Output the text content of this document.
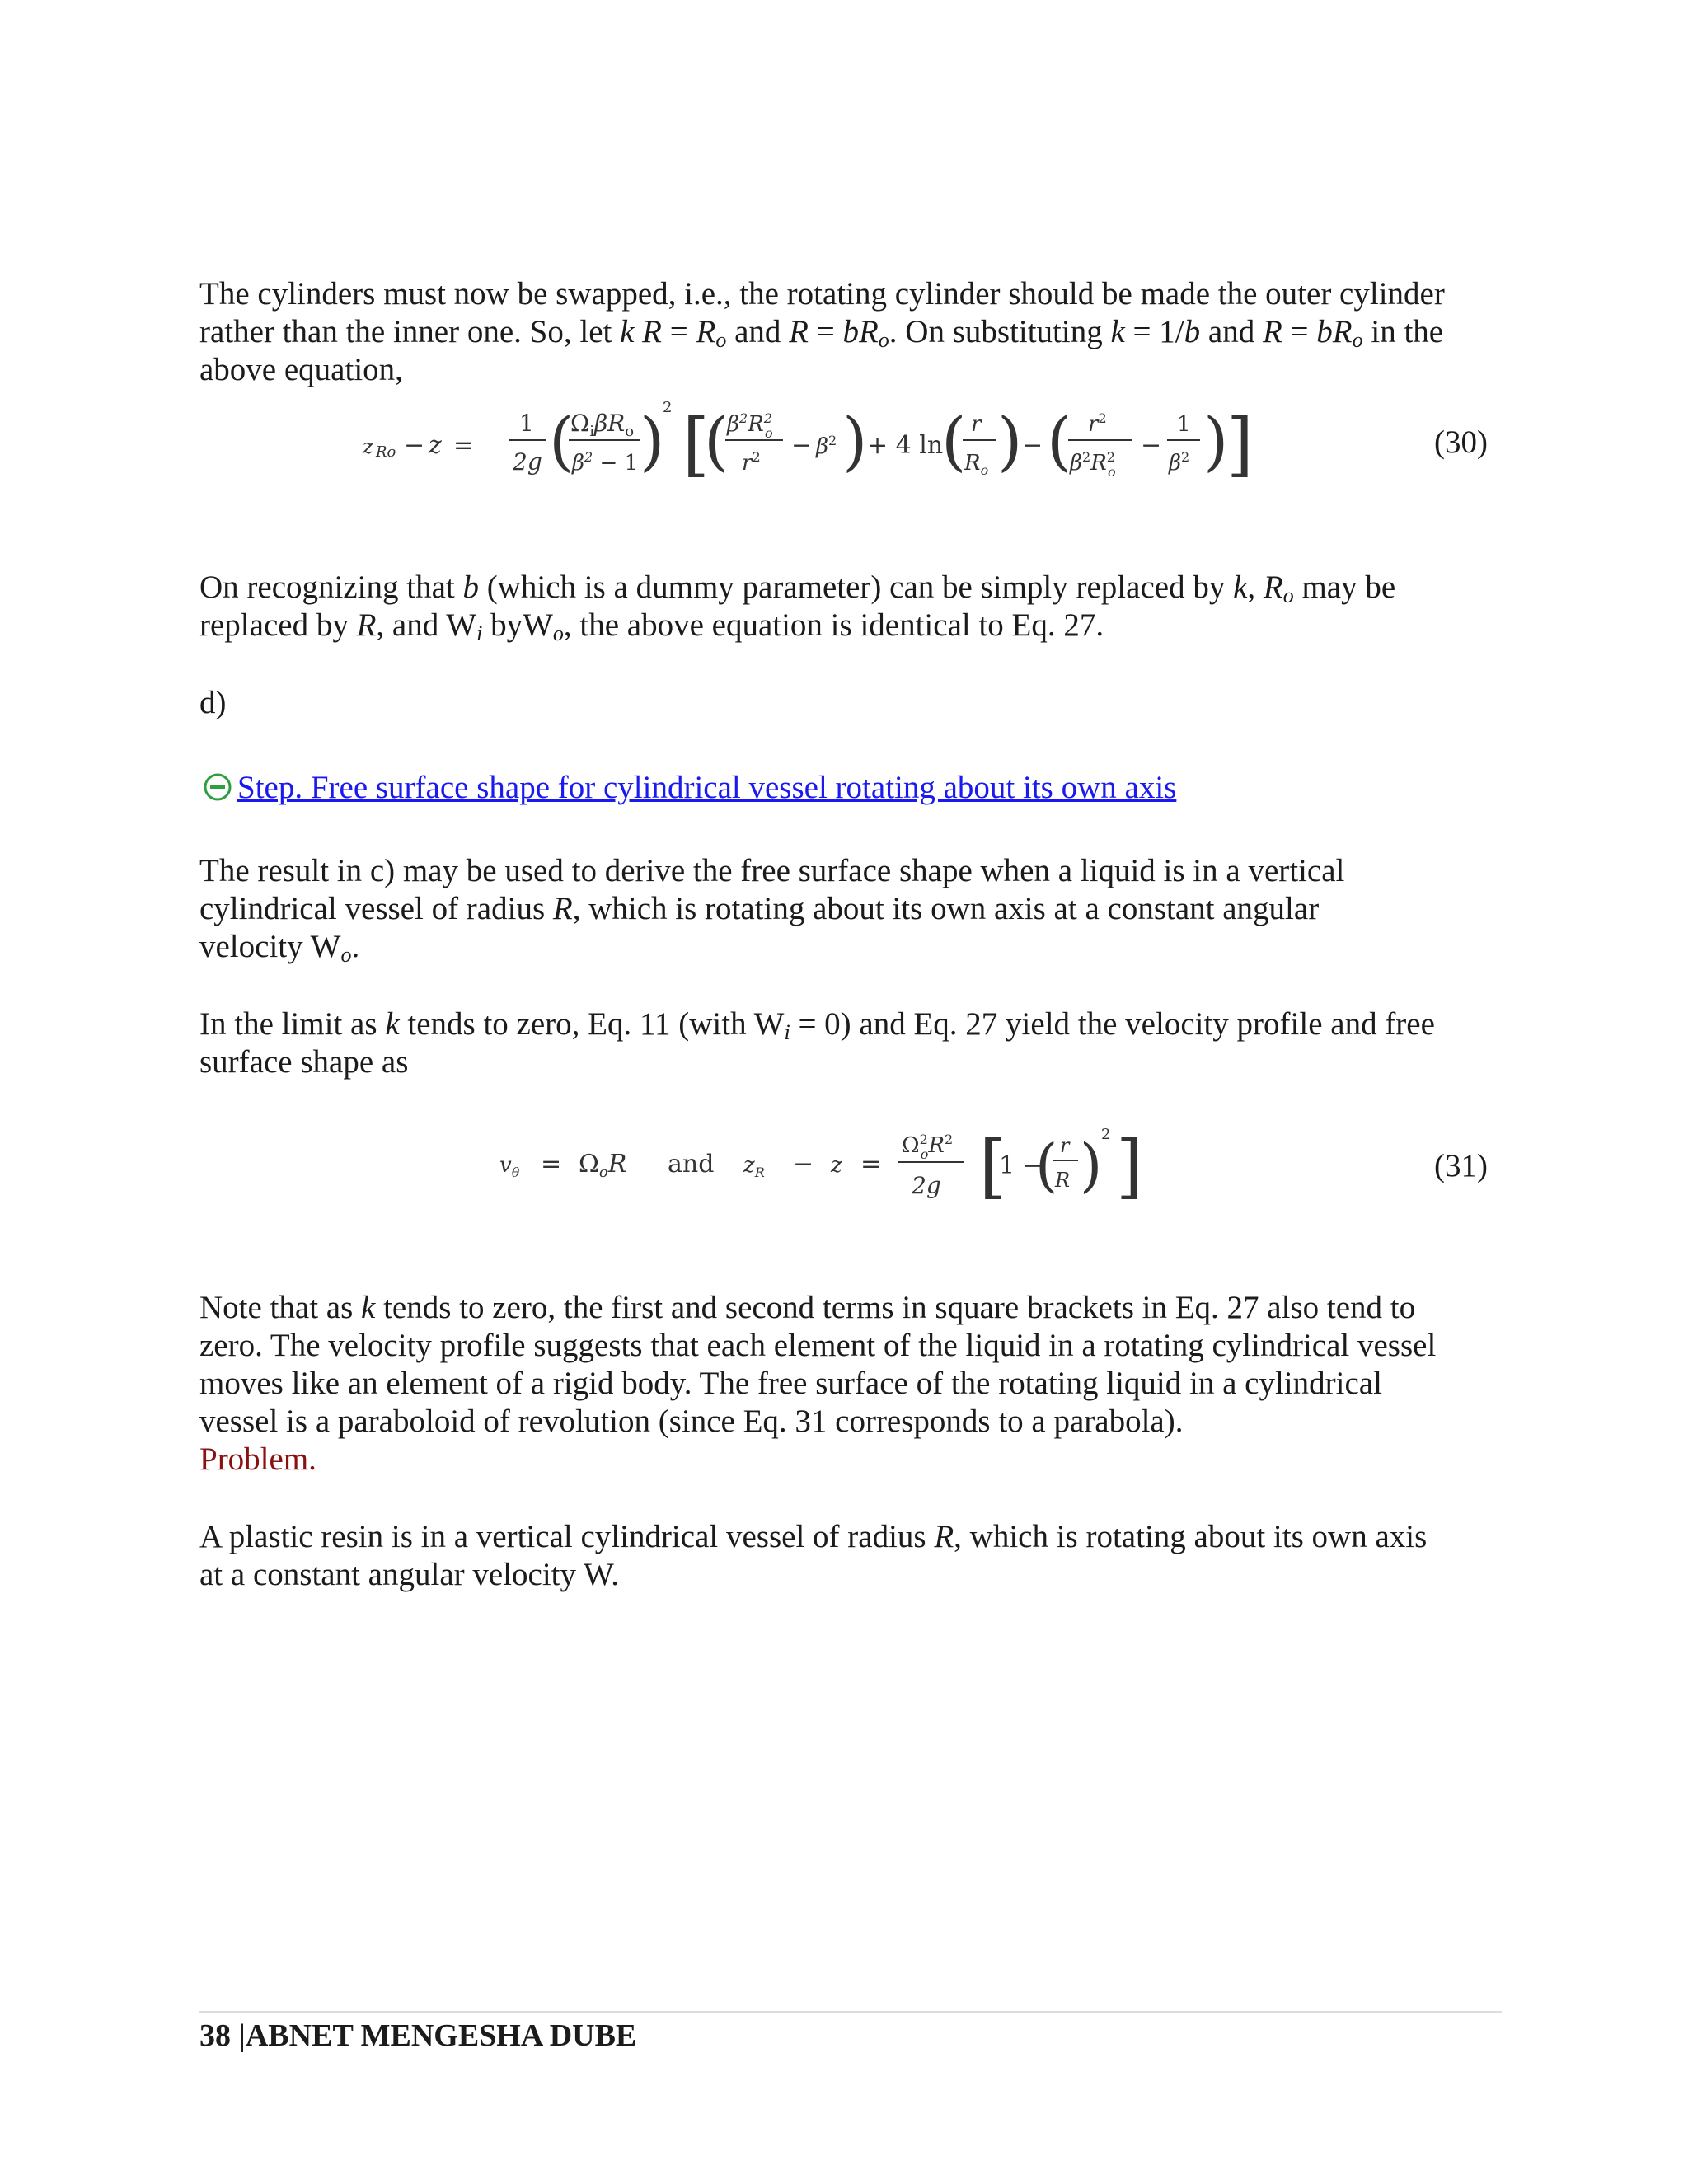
The cylinders must now be swapped, i.e., the rotating cylinder should be made the outer cylinder
rather than the inner one. So, let k $R = R_o$ and $R = bR_o$. On substituting k = 1/b and $R = bR_o$ in the
above equation,
z Ro − z =
1
2g (
$\Omega_i\beta R_o$
$\beta^2 - 1$ )
2 [
(
$\beta^2R^2$ o
$r^2 - \beta^2$ ) + 4 ln
( r
$R_o$ ) − ( $r^2$
$\beta^2R^2$ o
−
1
$\beta^2$ )
]	(30)
On recognizing that b (which is a dummy parameter) can be simply replaced by k, $R_o$ may be
replaced by R, and $W_i$ byW$_o$, the above equation is identical to Eq. 27.
d)
Step. Free surface shape for cylindrical vessel rotating about its own axis
The result in c) may be used to derive the free surface shape when a liquid is in a vertical
cylindrical vessel of radius R, which is rotating about its own axis at a constant angular
velocity $W_o$.
In the limit as k tends to zero, Eq. 11 (with $W_i = 0$) and Eq. 27 yield the velocity profile and free
surface shape as
$v_\theta = \Omega_oR$ and $z_R - z$ =
$\Omega^2$ $oR^2$
2g [
1 −
( r
R )
2 ]	(31)
Note that as k tends to zero, the first and second terms in square brackets in Eq. 27 also tend to
zero. The velocity profile suggests that each element of the liquid in a rotating cylindrical vessel
moves like an element of a rigid body. The free surface of the rotating liquid in a cylindrical
vessel is a paraboloid of revolution (since Eq. 31 corresponds to a parabola).
Problem.
A plastic resin is in a vertical cylindrical vessel of radius R, which is rotating about its own axis
at a constant angular velocity W.
38 |ABNET MENGESHA DUBE
